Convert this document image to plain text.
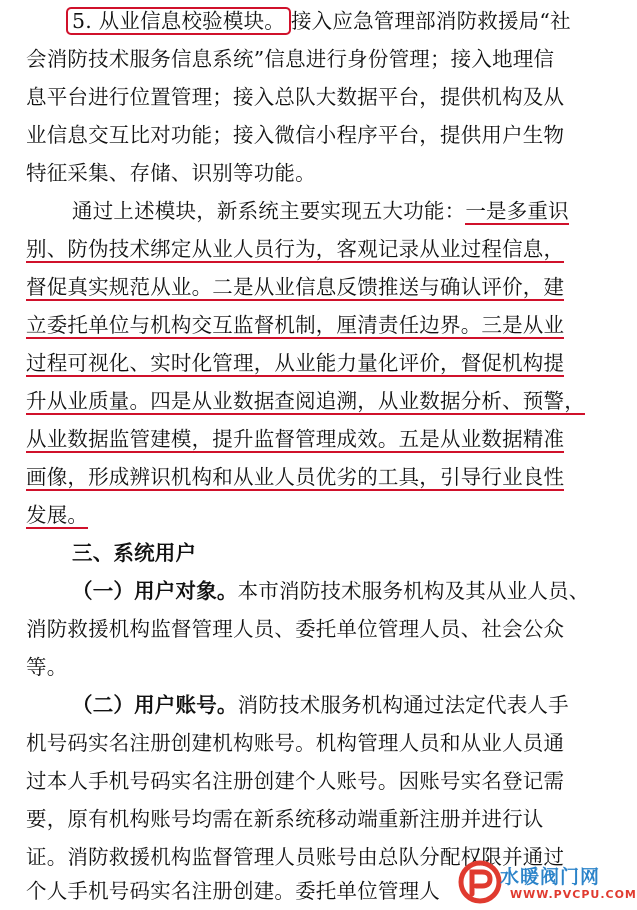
5. 从业信息校验模块。 接入应急管理部消防救援局“社
会消防技术服务信息系统”信息进行身份管理；接入地理信
息平台进行位置管理；接入总队大数据平台，提供机构及从
业信息交互比对功能；接入微信小程序平台，提供用户生物
特征采集、存储、识别等功能。
通过上述模块，新系统主要实现五大功能：一是多重识
别、防伪技术绑定从业人员行为，客观记录从业过程信息，
督促真实规范从业。二是从业信息反馈推送与确认评价，建
立委托单位与机构交互监督机制，厘清责任边界。三是从业
过程可视化、实时化管理，从业能力量化评价，督促机构提
升从业质量。四是从业数据查阅追溯，从业数据分析、预警，
从业数据监管建模，提升监督管理成效。五是从业数据精准
画像，形成辨识机构和从业人员优劣的工具，引导行业良性
发展。
三、系统用户
（一）用户对象。本市消防技术服务机构及其从业人员、
消防救援机构监督管理人员、委托单位管理人员、社会公众
等。
（二）用户账号。消防技术服务机构通过法定代表人手
机号码实名注册创建机构账号。机构管理人员和从业人员通
过本人手机号码实名注册创建个人账号。因账号实名登记需
要，原有机构账号均需在新系统移动端重新注册并进行认
证。消防救援机构监督管理人员账号由总队分配权限并通过
个人手机号码实名注册创建。委托单位管理人
水暖阀门网
WWW.PVCPU.COM
